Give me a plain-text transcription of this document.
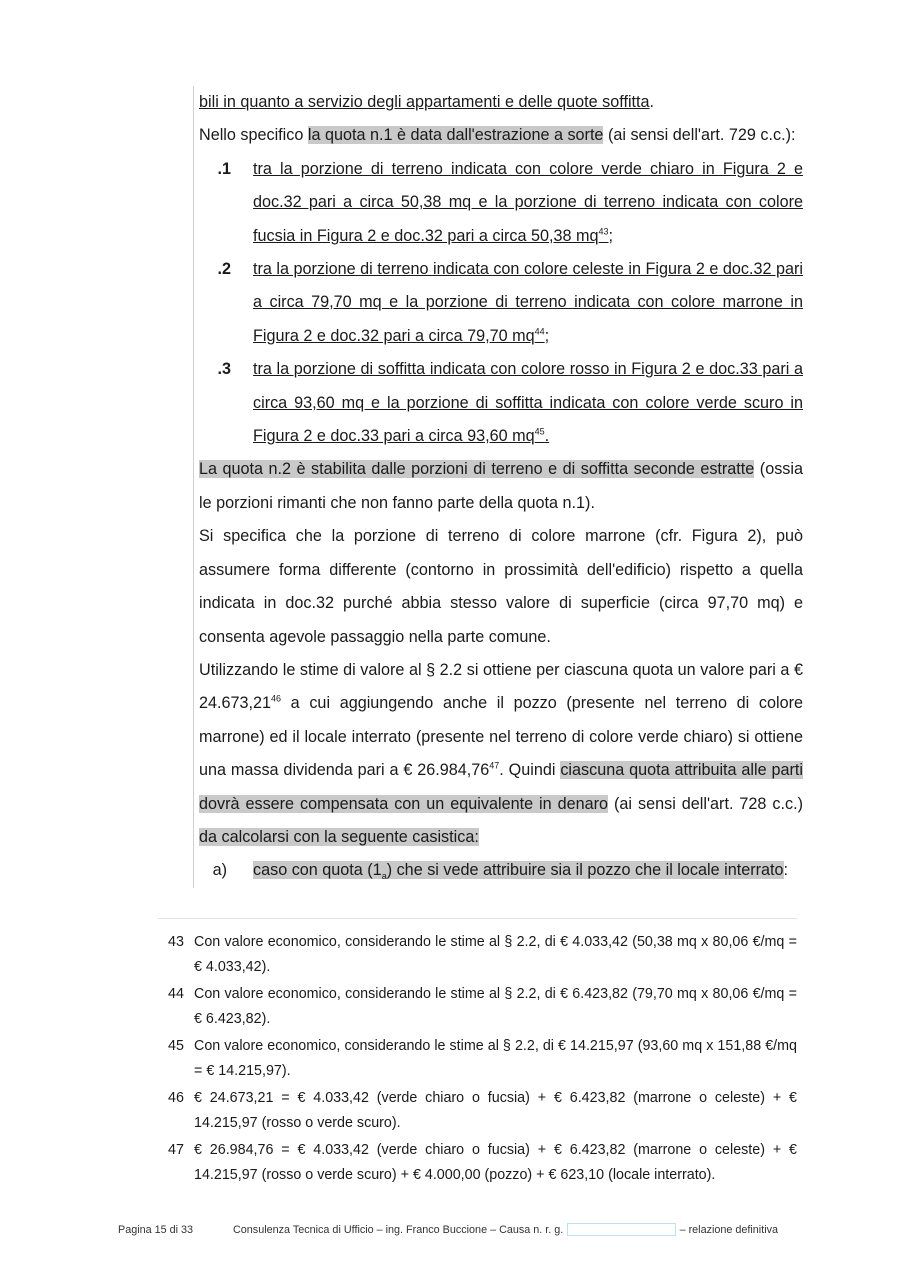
bili in quanto a servizio degli appartamenti e delle quote soffitta.

Nello specifico la quota n.1 è data dall'estrazione a sorte (ai sensi dell'art. 729 c.c.):

.1	tra la porzione di terreno indicata con colore verde chiaro in Figura 2 e doc.32 pari a circa 50,38 mq e la porzione di terreno indicata con colore fucsia in Figura 2 e doc.32 pari a circa 50,38 $mq^{43}$;
.2	tra la porzione di terreno indicata con colore celeste in Figura 2 e doc.32 pari a circa 79,70 mq e la porzione di terreno indicata con colore marrone in Figura 2 e doc.32 pari a circa 79,70 $mq^{44}$;
.3	tra la porzione di soffitta indicata con colore rosso in Figura 2 e doc.33 pari a circa 93,60 mq e la porzione di soffitta indicata con colore verde scuro in Figura 2 e doc.33 pari a circa 93,60 $mq^{45}$.

La quota n.2 è stabilita dalle porzioni di terreno e di soffitta seconde estratte (ossia le porzioni rimanti che non fanno parte della quota n.1).

Si specifica che la porzione di terreno di colore marrone (cfr. Figura 2), può assumere forma differente (contorno in prossimità dell'edificio) rispetto a quella indicata in doc.32 purché abbia stesso valore di superficie (circa 97,70 mq) e consenta agevole passaggio nella parte comune.

Utilizzando le stime di valore al § 2.2 si ottiene per ciascuna quota un valore pari a € 24.673,21$^{46}$ a cui aggiungendo anche il pozzo (presente nel terreno di colore marrone) ed il locale interrato (presente nel terreno di colore verde chiaro) si ottiene una massa dividenda pari a € 26.984,76$^{47}$. Quindi ciascuna quota attribuita alle parti dovrà essere compensata con un equivalente in denaro (ai sensi dell'art. 728 c.c.) da calcolarsi con la seguente casistica:

a)	caso con quota $(1_a)$ che si vede attribuire sia il pozzo che il locale interrato:
43 Con valore economico, considerando le stime al § 2.2, di € 4.033,42 (50,38 mq x 80,06 €/mq = € 4.033,42).
44 Con valore economico, considerando le stime al § 2.2, di € 6.423,82 (79,70 mq x 80,06 €/mq = € 6.423,82).
45 Con valore economico, considerando le stime al § 2.2, di € 14.215,97 (93,60 mq x 151,88 €/mq = € 14.215,97).
46 € 24.673,21 = € 4.033,42 (verde chiaro o fucsia) + € 6.423,82 (marrone o celeste) + € 14.215,97 (rosso o verde scuro).
47 € 26.984,76 = € 4.033,42 (verde chiaro o fucsia) + € 6.423,82 (marrone o celeste) + € 14.215,97 (rosso o verde scuro) + € 4.000,00 (pozzo) + € 623,10 (locale interrato).
Pagina 15 di 33	Consulenza Tecnica di Ufficio – ing. Franco Buccione – Causa n. r. g.	– relazione definitiva
